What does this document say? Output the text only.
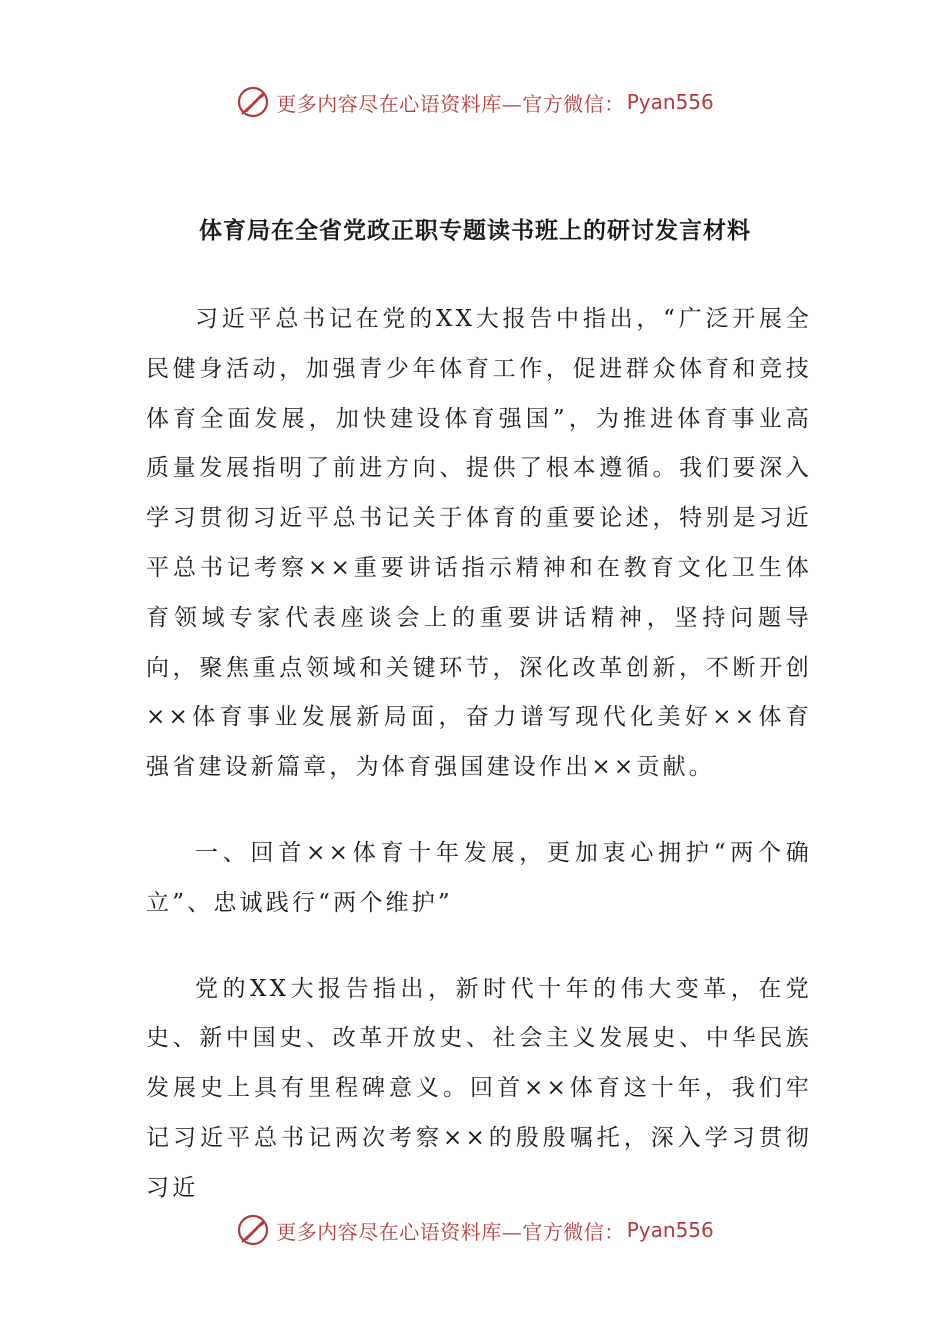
更多内容尽在心语资料库—官方微信： Pyan556
体育局在全省党政正职专题读书班上的研讨发言材料

习近平总书记在党的XX大报告中指出，“广泛开展全民健身活动，加强青少年体育工作，促进群众体育和竞技体育全面发展，加快建设体育强国”，为推进体育事业高质量发展指明了前进方向、提供了根本遵循。我们要深入学习贯彻习近平总书记关于体育的重要论述，特别是习近平总书记考察××重要讲话指示精神和在教育文化卫生体育领域专家代表座谈会上的重要讲话精神，坚持问题导向，聚焦重点领域和关键环节，深化改革创新，不断开创××体育事业发展新局面，奋力谱写现代化美好××体育强省建设新篇章，为体育强国建设作出××贡献。

一、回首××体育十年发展，更加衷心拥护“两个确立”、忠诚践行“两个维护”

党的XX大报告指出，新时代十年的伟大变革，在党史、新中国史、改革开放史、社会主义发展史、中华民族发展史上具有里程碑意义。回首××体育这十年，我们牢记习近平总书记两次考察××的殷殷嘱托，深入学习贯彻习近

更多内容尽在心语资料库—官方微信： Pyan556
